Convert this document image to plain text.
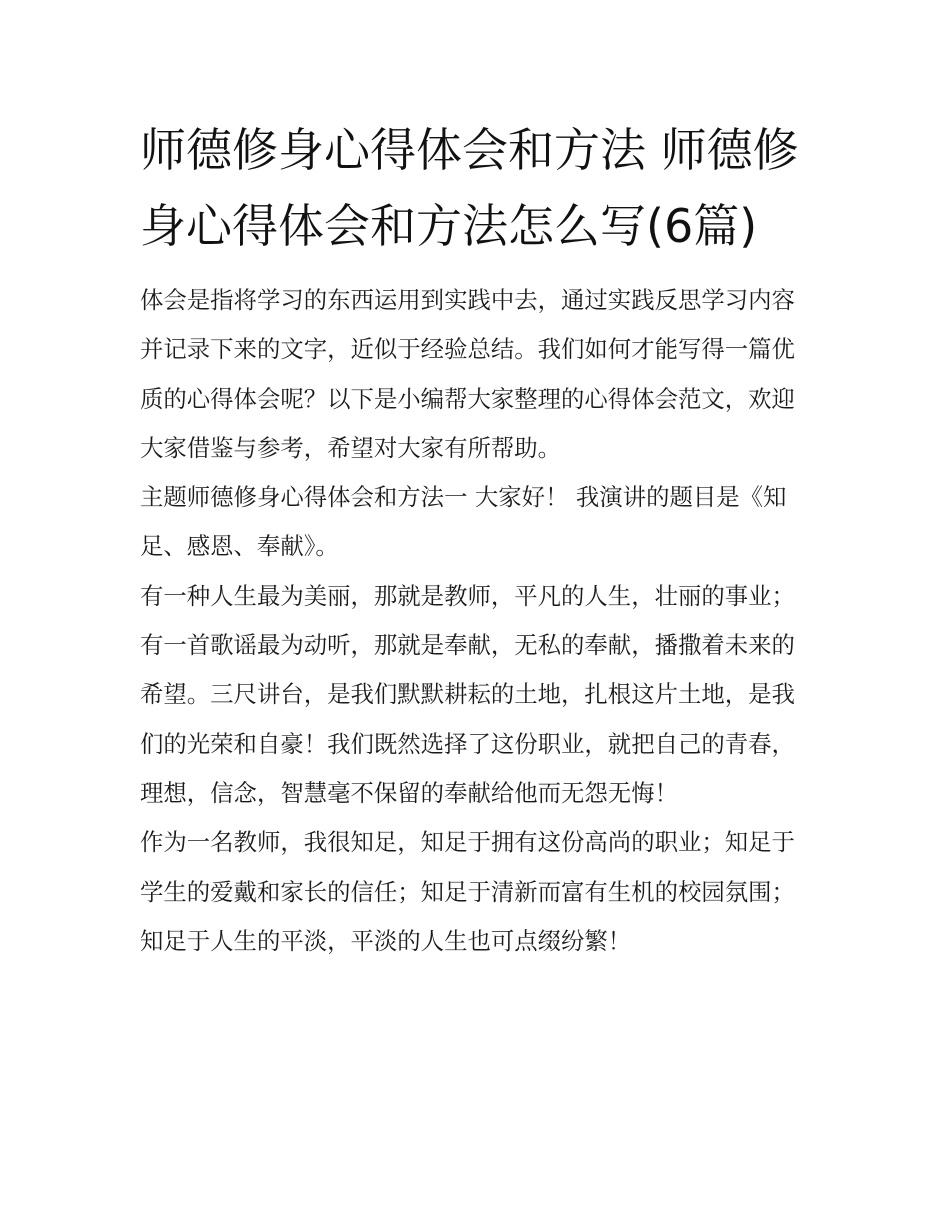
师德修身心得体会和方法 师德修身心得体会和方法怎么写(6篇)

体会是指将学习的东西运用到实践中去，通过实践反思学习内容并记录下来的文字，近似于经验总结。我们如何才能写得一篇优质的心得体会呢？以下是小编帮大家整理的心得体会范文，欢迎大家借鉴与参考，希望对大家有所帮助。

主题师德修身心得体会和方法一 大家好！ 我演讲的题目是《知足、感恩、奉献》。

有一种人生最为美丽，那就是教师，平凡的人生，壮丽的事业；有一首歌谣最为动听，那就是奉献，无私的奉献，播撒着未来的希望。三尺讲台，是我们默默耕耘的土地，扎根这片土地，是我们的光荣和自豪！我们既然选择了这份职业，就把自己的青春，理想，信念，智慧毫不保留的奉献给他而无怨无悔！

作为一名教师，我很知足，知足于拥有这份高尚的职业；知足于学生的爱戴和家长的信任；知足于清新而富有生机的校园氛围；知足于人生的平淡，平淡的人生也可点缀纷繁！
